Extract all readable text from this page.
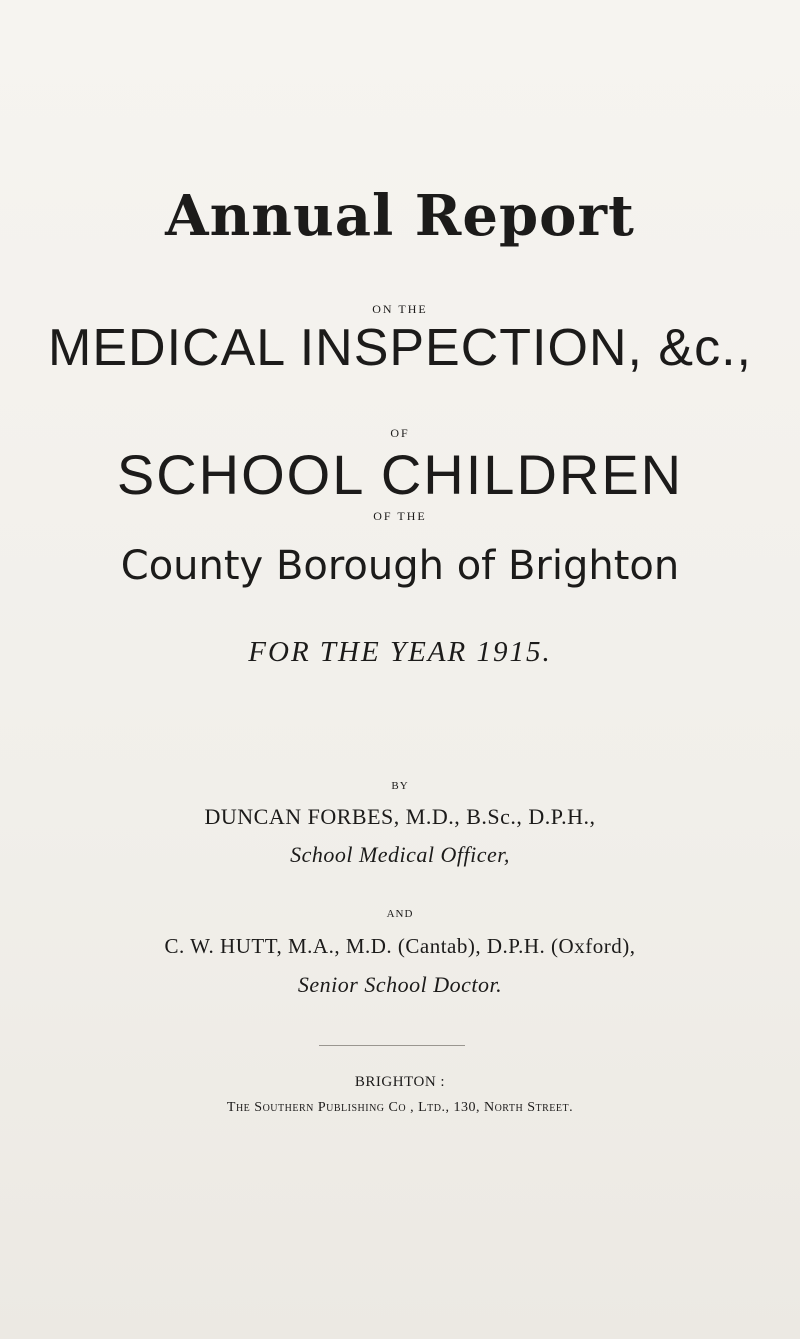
Annual Report
ON THE
MEDICAL INSPECTION, &c.,
OF
SCHOOL CHILDREN
OF THE
County Borough of Brighton
FOR THE YEAR 1915.
BY
DUNCAN FORBES, M.D., B.Sc., D.P.H.,
School Medical Officer,
AND
C. W. HUTT, M.A., M.D. (Cantab), D.P.H. (Oxford),
Senior School Doctor.
BRIGHTON :
The Southern Publishing Co , Ltd., 130, North Street.
